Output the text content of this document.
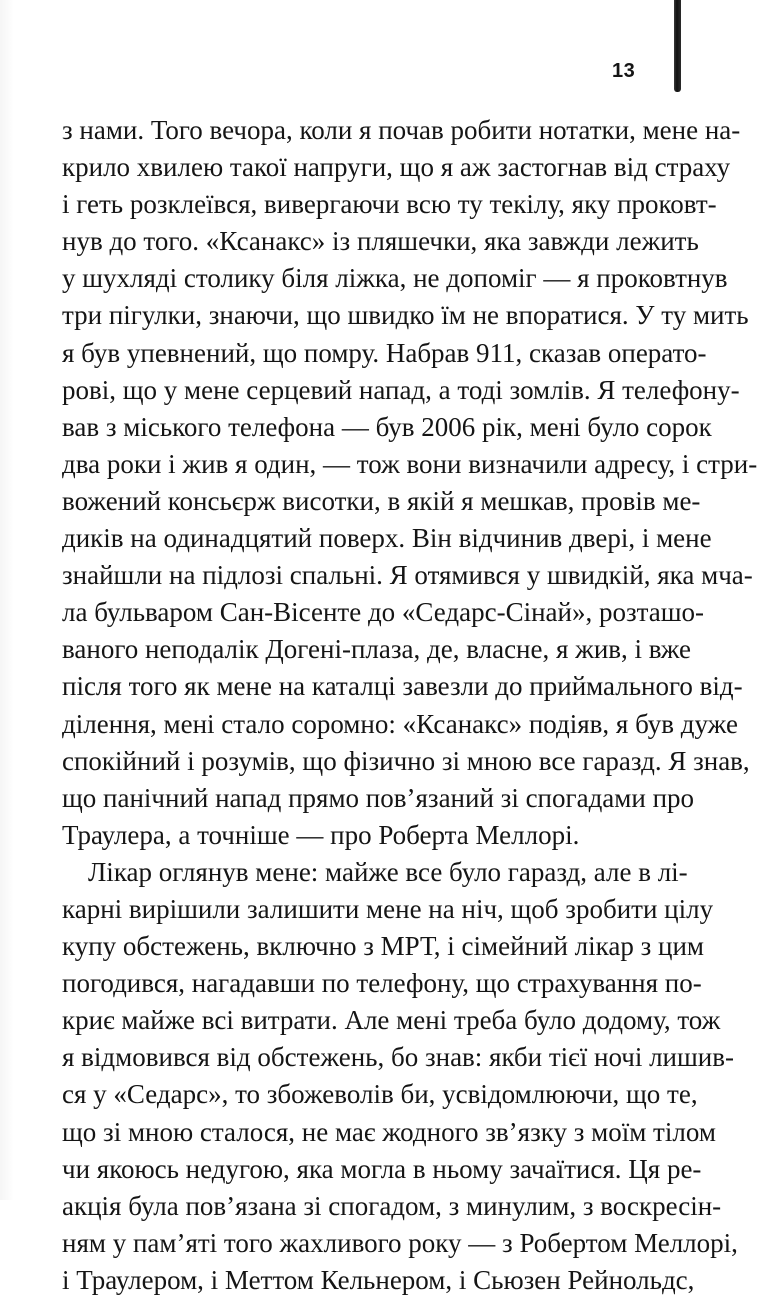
13
з нами. Того вечора, коли я почав робити нотатки, мене на-
крило хвилею такої напруги, що я аж застогнав від страху
і геть розклеївся, вивергаючи всю ту текілу, яку проковт-
нув до того. «Ксанакс» із пляшечки, яка завжди лежить
у шухляді столику біля ліжка, не допоміг — я проковтнув
три пігулки, знаючи, що швидко їм не впоратися. У ту мить
я був упевнений, що помру. Набрав 911, сказав операто-
рові, що у мене серцевий напад, а тоді зомлів. Я телефону-
вав з міського телефона — був 2006 рік, мені було сорок
два роки і жив я один, — тож вони визначили адресу, і стри-
вожений консьєрж висотки, в якій я мешкав, провів ме-
диків на одинадцятий поверх. Він відчинив двері, і мене
знайшли на підлозі спальні. Я отямився у швидкій, яка мча-
ла бульваром Сан-Вісенте до «Седарс-Сінай», розташо-
ваного неподалік Догені-плаза, де, власне, я жив, і вже
після того як мене на каталці завезли до приймального від-
ділення, мені стало соромно: «Ксанакс» подіяв, я був дуже
спокійний і розумів, що фізично зі мною все гаразд. Я знав,
що панічний напад прямо пов’язаний зі спогадами про
Траулера, а точніше — про Роберта Меллорі.
Лікар оглянув мене: майже все було гаразд, але в лі-
карні вирішили залишити мене на ніч, щоб зробити цілу
купу обстежень, включно з МРТ, і сімейний лікар з цим
погодився, нагадавши по телефону, що страхування по-
криє майже всі витрати. Але мені треба було додому, тож
я відмовився від обстежень, бо знав: якби тієї ночі лишив-
ся у «Седарс», то збожеволів би, усвідомлюючи, що те,
що зі мною сталося, не має жодного зв’язку з моїм тілом
чи якоюсь недугою, яка могла в ньому зачаїтися. Ця ре-
акція була пов’язана зі спогадом, з минулим, з воскресін-
ням у пам’яті того жахливого року — з Робертом Меллорі,
і Траулером, і Меттом Кельнером, і Сьюзен Рейнольдс,
